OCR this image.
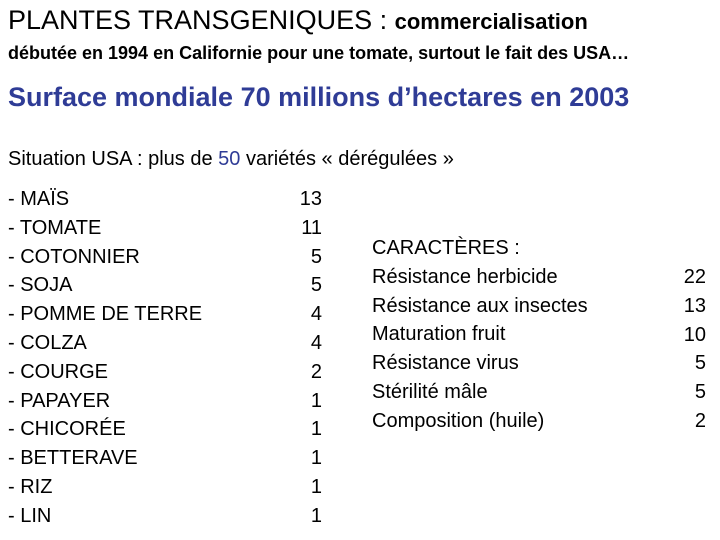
PLANTES TRANSGENIQUES : commercialisation
débutée en 1994 en Californie pour une tomate, surtout le fait des USA…
Surface mondiale 70 millions d’hectares en 2003
Situation USA : plus de 50 variétés « dérégulées »
- MAÏS
- TOMATE
- COTONNIER
- SOJA
- POMME DE TERRE
- COLZA
- COURGE
- PAPAYER
- CHICORÉE
- BETTERAVE
- RIZ
- LIN
13
11
5
5
4
4
2
1
1
1
1
1
CARACTÈRES :
Résistance herbicide
Résistance aux insectes
Maturation fruit
Résistance virus
Stérilité mâle
Composition (huile)
22
13
10
5
5
2
